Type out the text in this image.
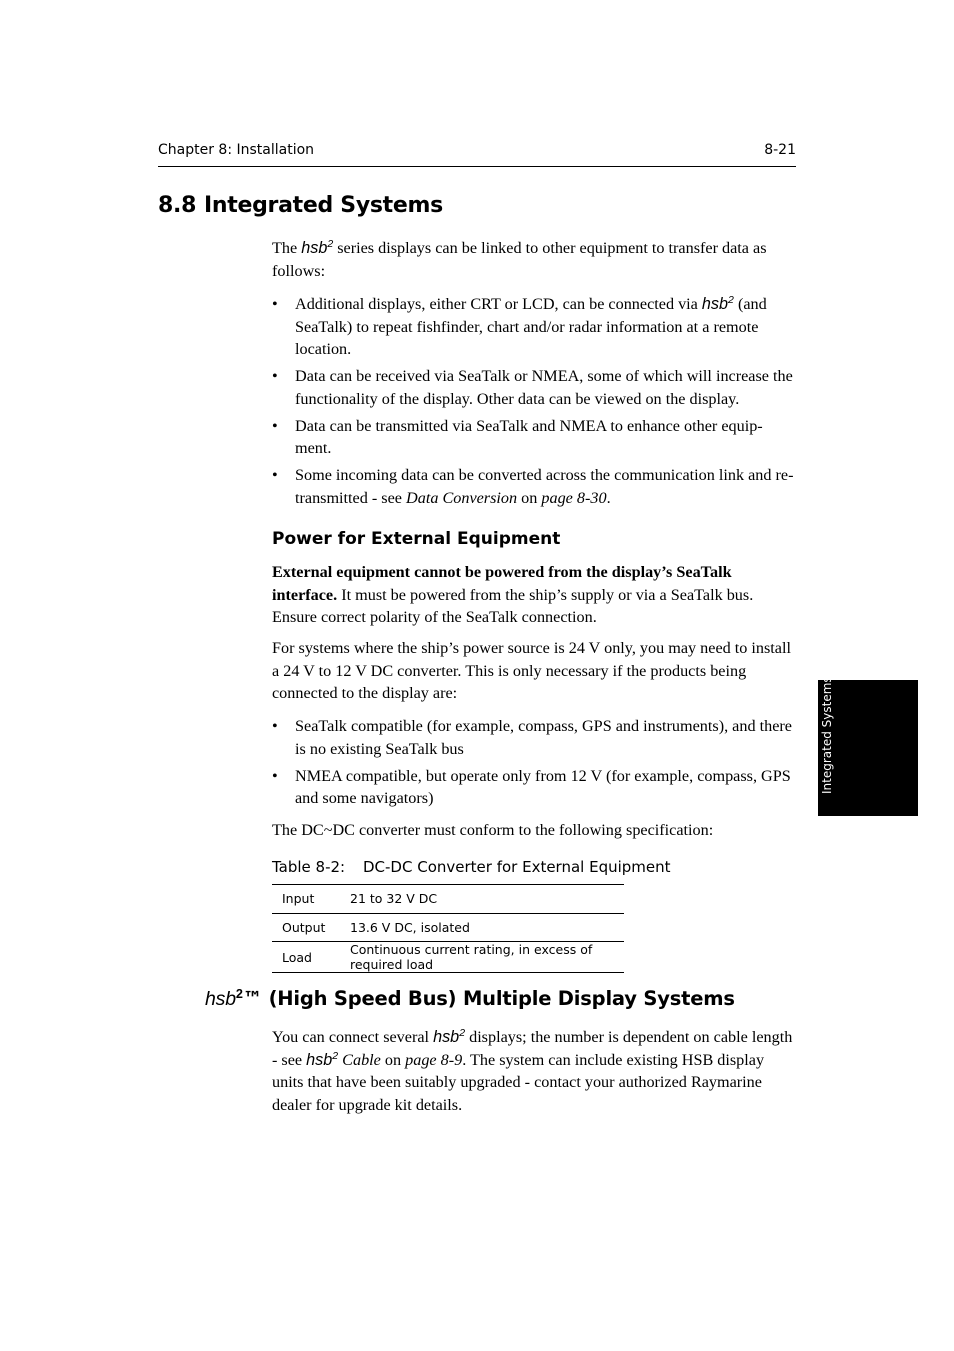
Chapter 8: Installation	8-21
8.8 Integrated Systems

The hsb$^2$ series displays can be linked to other equipment to transfer data as follows:

• Additional displays, either CRT or LCD, can be connected via hsb$^2$ (and SeaTalk) to repeat fishfinder, chart and/or radar information at a remote location.
• Data can be received via SeaTalk or NMEA, some of which will increase the functionality of the display. Other data can be viewed on the display.
• Data can be transmitted via SeaTalk and NMEA to enhance other equip-ment.
• Some incoming data can be converted across the communication link and re-transmitted - see Data Conversion on page 8-30.
Power for External Equipment

External equipment cannot be powered from the display’s SeaTalk interface. It must be powered from the ship’s supply or via a SeaTalk bus. Ensure correct polarity of the SeaTalk connection.

For systems where the ship’s power source is 24 V only, you may need to install a 24 V to 12 V DC converter. This is only necessary if the products being connected to the display are:

• SeaTalk compatible (for example, compass, GPS and instruments), and there is no existing SeaTalk bus
• NMEA compatible, but operate only from 12 V (for example, compass, GPS and some navigators)

The DC~DC converter must conform to the following specification:

Table 8-2: DC-DC Converter for External Equipment
Input	21 to 32 V DC
Output	13.6 V DC, isolated
Load	Continuous current rating, in excess of required load
hsb$^2$™ (High Speed Bus) Multiple Display Systems

You can connect several hsb$^2$ displays; the number is dependent on cable length - see hsb$^2$ Cable on page 8-9. The system can include existing HSB display units that have been suitably upgraded - contact your authorized Raymarine dealer for upgrade kit details.

Integrated Systems
